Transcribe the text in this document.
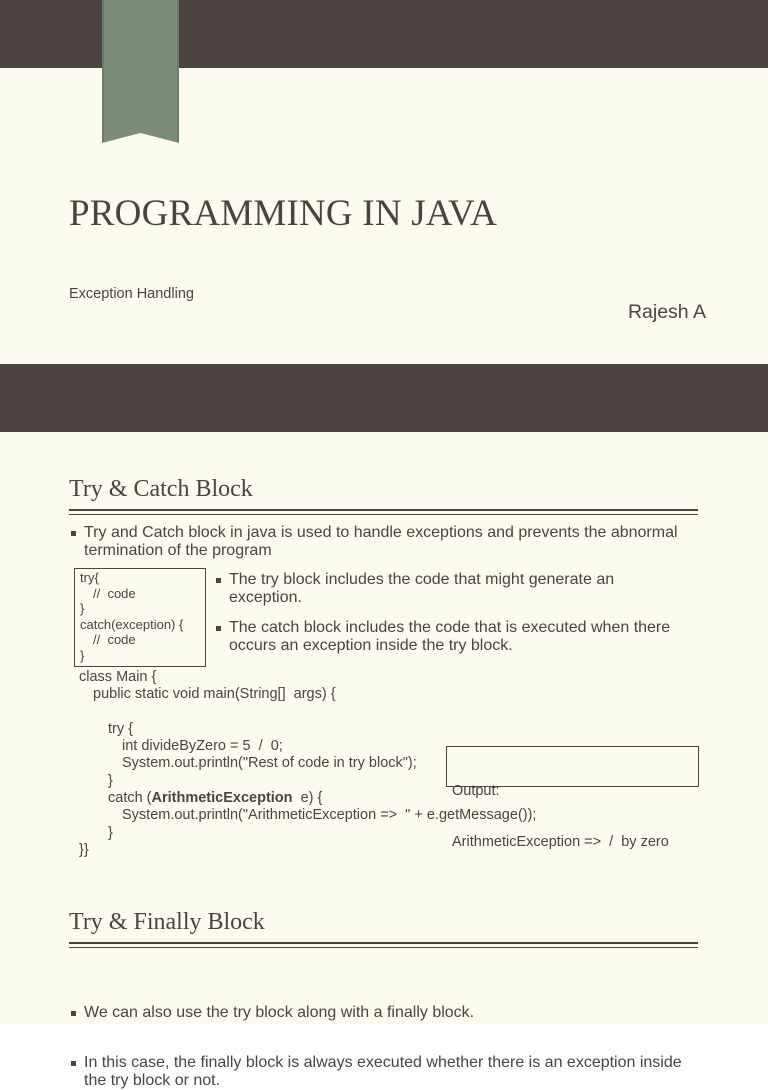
PROGRAMMING IN JAVA
Exception Handling
Rajesh A
Try & Catch Block

Try and Catch block in java is used to handle exceptions and prevents the abnormal termination of the program

try{
//  code
}
catch(exception) {
//  code
}

The try block includes the code that might generate an exception.

The catch block includes the code that is executed when there occurs an exception inside the try block.

class Main {
public static void main(String[]  args) {
try {
int divideByZero = 5  /  0;
System.out.println("Rest of code in try block");
}
catch (ArithmeticException  e) {
System.out.println("ArithmeticException =>  " + e.getMessage());
}
}}

Output:

ArithmeticException =>  /  by zero

Try & Finally Block

We can also use the try block along with a finally block.

In this case, the finally block is always executed whether there is an exception inside the try block or not.
